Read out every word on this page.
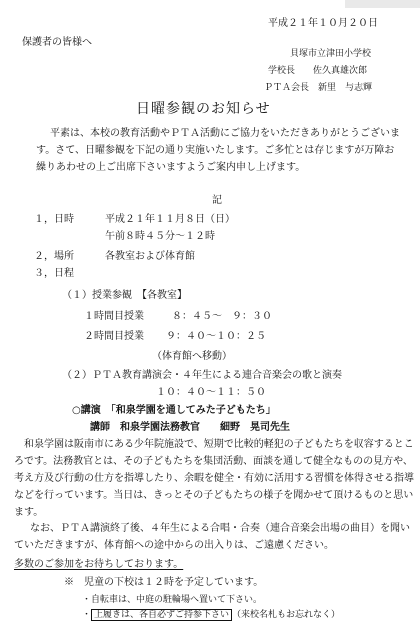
平成２１年１０月２０日
保護者の皆様へ
貝塚市立津田小学校
学校長　　佐久真雄次郎
ＰＴＡ会長　新里　与志輝
日曜参観のお知らせ
平素は、本校の教育活動やＰＴＡ活動にご協力をいただきありがとうございます。さて、日曜参観を下記の通り実施いたします。ご多忙とは存じますが万障お繰りあわせの上ご出席下さいますようご案内申し上げます。
記
１，日時	平成２１年１１月８日（日）
午前８時４５分～１２時
２，場所	各教室および体育館
３，日程
（１）授業参観　【各教室】
１時間目授業	８：４５～　９：３０
２時間目授業 ９：４０～１０：２５
（体育館へ移動）
（２）ＰＴＡ教育講演会・４年生による連合音楽会の歌と演奏
１０：４０～１１：５０
○講演　「和泉学園を通してみた子どもたち」
講師　和泉学園法務教官　　細野　晃司先生
和泉学園は阪南市にある少年院施設で、短期で比較的軽犯の子どもたちを収容するところです。法務教官とは、その子どもたちを集団活動、面談を通して健全なものの見方や、考え方及び行動の仕方を指導したり、余暇を健全・有効に活用する習慣を体得させる指導などを行っています。当日は、きっとその子どもたちの様子を聞かせて頂けるものと思います。
なお、ＰＴＡ講演終了後、４年生による合唱・合奏（連合音楽会出場の曲目）を聞いていただきますが、体育館への途中からの出入りは、ご遠慮ください。
多数のご参加をお待ちしております。
※　児童の下校は１２時を予定しています。
・自転車は、中庭の駐輪場へ置いて下さい。
・ 上履きは、各自必ずご持参下さい （来校名札もお忘れなく）
